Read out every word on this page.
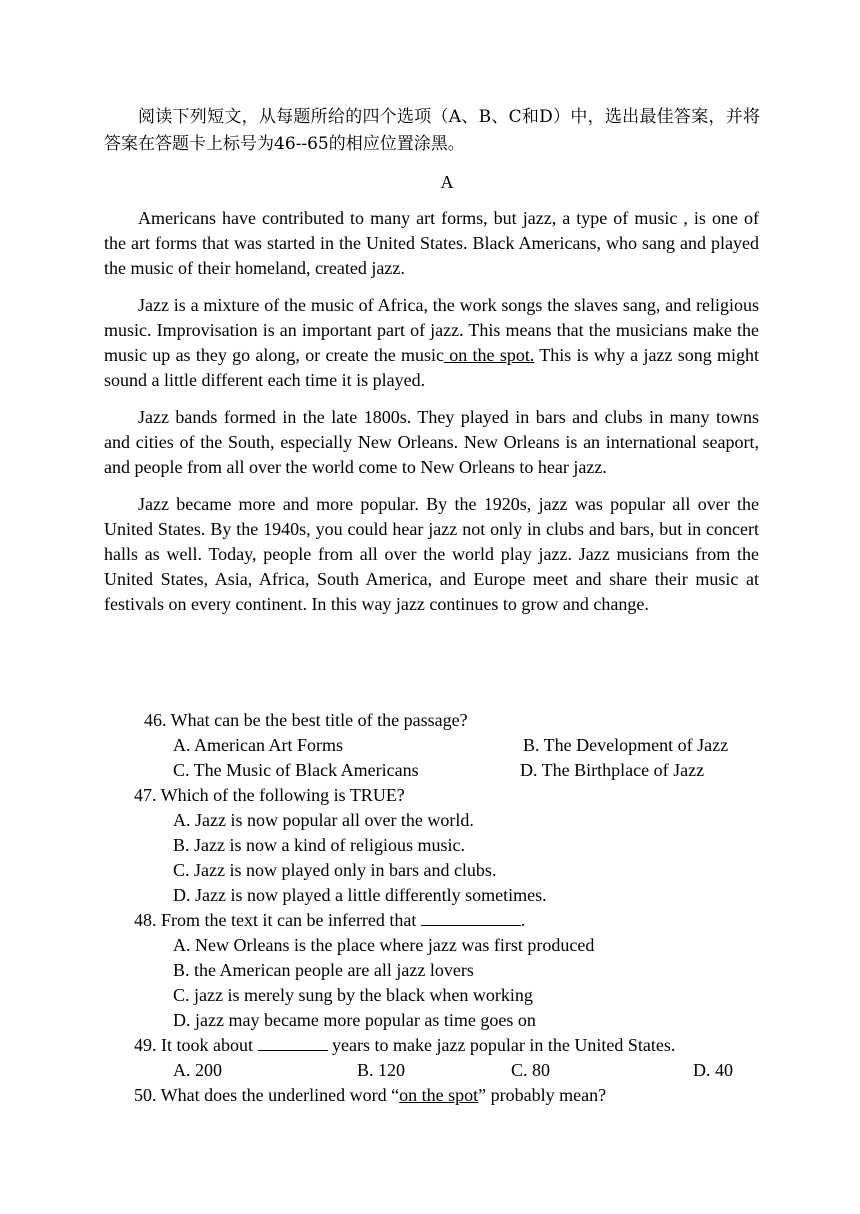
阅读下列短文，从每题所给的四个选项（A、B、C和D）中，选出最佳答案，并将答案在答题卡上标号为46--65的相应位置涂黑。
A

Americans have contributed to many art forms, but jazz, a type of music , is one of the art forms that was started in the United States. Black Americans, who sang and played the music of their homeland, created jazz.

Jazz is a mixture of the music of Africa, the work songs the slaves sang, and religious music. Improvisation is an important part of jazz. This means that the musicians make the music up as they go along, or create the music on the spot. This is why a jazz song might sound a little different each time it is played.

Jazz bands formed in the late 1800s. They played in bars and clubs in many towns and cities of the South, especially New Orleans. New Orleans is an international seaport, and people from all over the world come to New Orleans to hear jazz.

Jazz became more and more popular. By the 1920s, jazz was popular all over the United States. By the 1940s, you could hear jazz not only in clubs and bars, but in concert halls as well. Today, people from all over the world play jazz. Jazz musicians from the United States, Asia, Africa, South America, and Europe meet and share their music at festivals on every continent. In this way jazz continues to grow and change.

46. What can be the best title of the passage?
A. American Art Forms	B. The Development of Jazz
C. The Music of Black Americans	D. The Birthplace of Jazz
47. Which of the following is TRUE?
A. Jazz is now popular all over the world.
B. Jazz is now a kind of religious music.
C. Jazz is now played only in bars and clubs.
D. Jazz is now played a little differently sometimes.
48. From the text it can be inferred that	.
A. New Orleans is the place where jazz was first produced
B. the American people are all jazz lovers
C. jazz is merely sung by the black when working
D. jazz may became more popular as time goes on
49. It took about	years to make jazz popular in the United States.
A. 200	B. 120	C. 80	D. 40
50. What does the underlined word “on the spot” probably mean?
